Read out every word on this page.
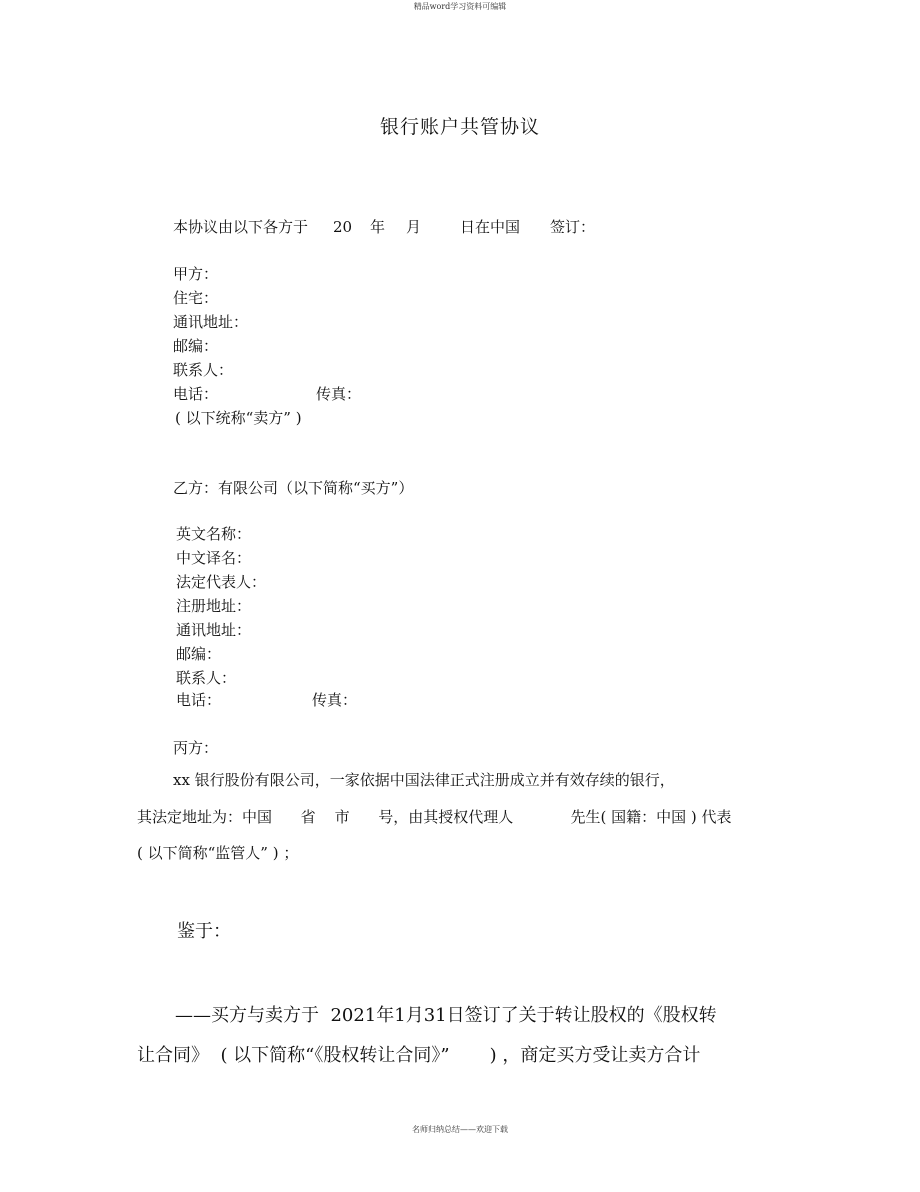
精品word学习资料可编辑
银行账户共管协议
本协议由以下各方于 20 年 月	日在中国 签订：
甲方：
住宅：
通讯地址：
邮编：
联系人：
电话：	传真：
( 以下统称“卖方” )
乙方：有限公司（以下简称“买方”）
英文名称：
中文译名：
法定代表人：
注册地址：
通讯地址：
邮编：
联系人：
电话：	传真：
丙方：
xx 银行股份有限公司，一家依据中国法律正式注册成立并有效存续的银行，
其法定地址为：中国      省    市      号，由其授权代理人            先生( 国籍：中国 ) 代表
( 以下简称“监管人” ) ；
鉴于：
——买方与卖方于  2021年1月31日签订了关于转让股权的《股权转
让合同》  ( 以下简称“《股权转让合同》”       ) ，商定买方受让卖方合计
名师归纳总结——欢迎下载
